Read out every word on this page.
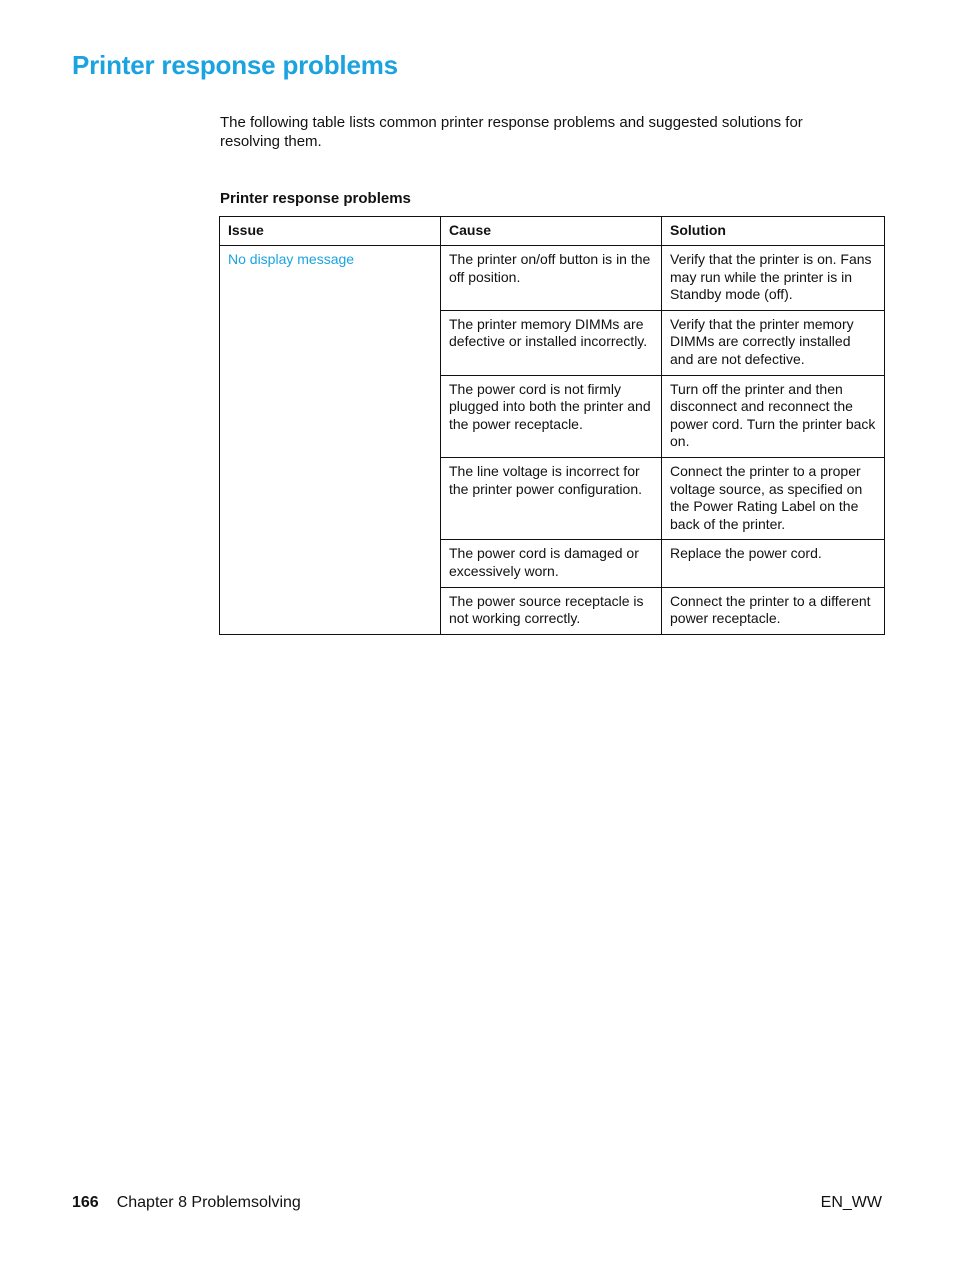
Printer response problems

The following table lists common printer response problems and suggested solutions for resolving them.

Printer response problems

Issue	Cause	Solution
No display message	The printer on/off button is in the off position.	Verify that the printer is on. Fans may run while the printer is in Standby mode (off).
	The printer memory DIMMs are defective or installed incorrectly.	Verify that the printer memory DIMMs are correctly installed and are not defective.
	The power cord is not firmly plugged into both the printer and the power receptacle.	Turn off the printer and then disconnect and reconnect the power cord. Turn the printer back on.
	The line voltage is incorrect for the printer power configuration.	Connect the printer to a proper voltage source, as specified on the Power Rating Label on the back of the printer.
	The power cord is damaged or excessively worn.	Replace the power cord.
	The power source receptacle is not working correctly.	Connect the printer to a different power receptacle.
166 Chapter 8 Problemsolving	EN_WW
